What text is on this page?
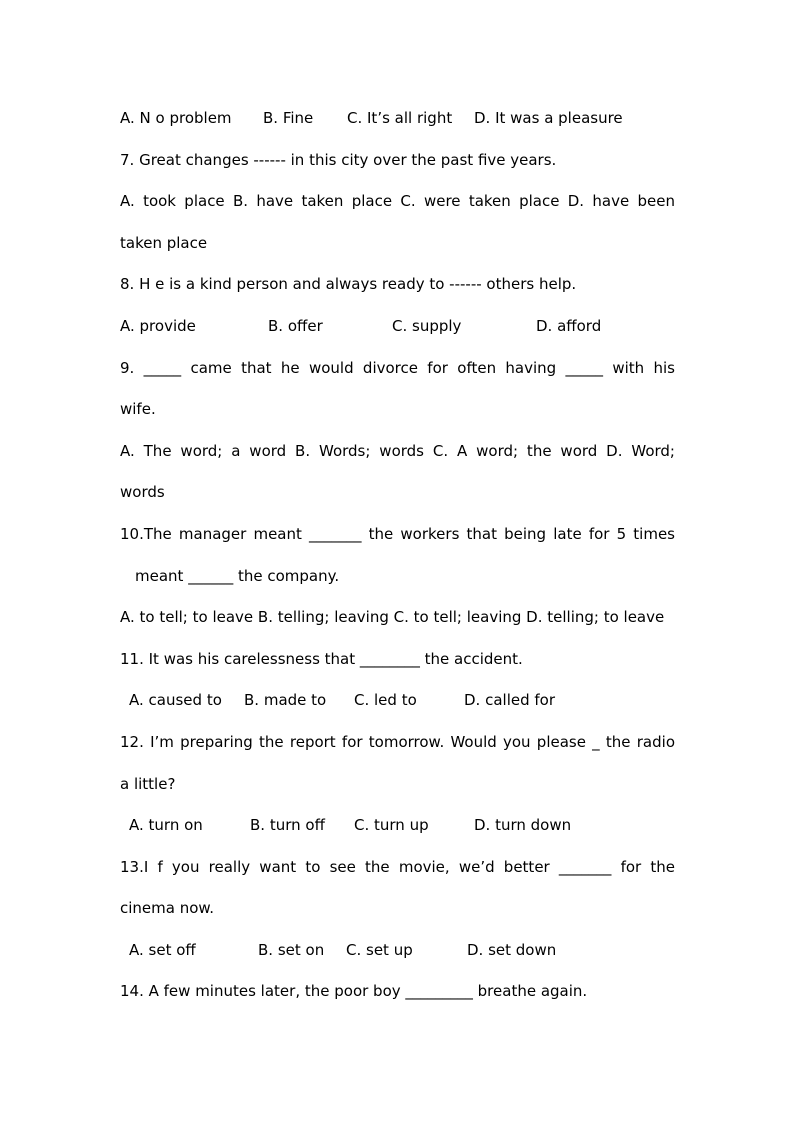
A. N o problem B. Fine C. It’s all right D. It was a pleasure
7. Great changes ------ in this city over the past five years.
A. took place B. have taken place C. were taken place D. have been
taken place
8. H e is a kind person and always ready to ------ others help.
A. provide	B. offer	C. supply	D. afford
9. _____ came that he would divorce for often having _____ with his
wife.
A. The word; a word B. Words; words C. A word; the word D. Word;
words
10.The manager meant _______ the workers that being late for 5 times
meant ______ the company.
A. to tell; to leave B. telling; leaving C. to tell; leaving D. telling; to leave
11. It was his carelessness that ________ the accident.
A. caused to B. made to C. led to	D. called for
12. I’m preparing the report for tomorrow. Would you please _ the radio
a little?
A. turn on	B. turn off C. turn up	D. turn down
13.I f you really want to see the movie, we’d better _______ for the
cinema now.
A. set off	B. set on C. set up	D. set down
14. A few minutes later, the poor boy _________ breathe again.
